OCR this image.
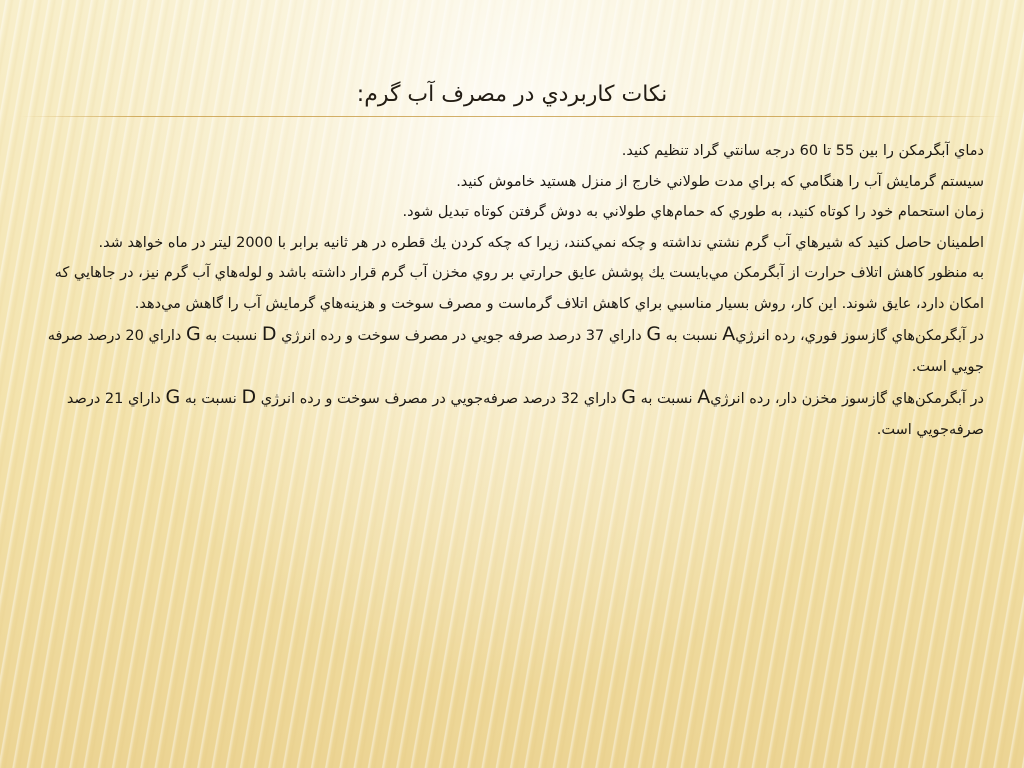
نكات كاربردي در مصرف آب گرم:

دماي آبگرمكن را بين 55 تا 60 درجه سانتي گراد تنظيم كنيد.

سيستم گرمايش آب را هنگامي كه براي مدت طولاني خارج از منزل هستيد خاموش كنيد.

زمان استحمام خود را كوتاه كنيد، به طوري كه حمام‌هاي طولاني به دوش گرفتن كوتاه تبديل شود.

اطمينان حاصل كنيد كه شيرهاي آب گرم نشتي نداشته و چكه نمي‌كنند، زيرا كه چكه كردن يك قطره در هر ثانيه برابر با 2000 ليتر در ماه خواهد شد.

به منظور كاهش اتلاف حرارت از آبگرمكن مي‌بايست يك پوشش عايق حرارتي بر روي مخزن آب گرم قرار داشته باشد و لوله‌هاي آب گرم نيز، در جاهايي كه امكان دارد، عايق شوند. اين كار، روش بسيار مناسبي براي كاهش اتلاف گرماست و مصرف سوخت و هزينه‌هاي گرمايش آب را گاهش مي‌دهد.

در آبگرمكن‌هاي گازسوز فوري، رده انرژيA نسبت به G داراي 37 درصد صرفه جويي در مصرف سوخت و رده انرژي D نسبت به G داراي 20 درصد صرفه جويي است.

در آبگرمكن‌هاي گازسوز مخزن دار، رده انرژيA نسبت به G داراي 32 درصد صرفه‌جويي در مصرف سوخت و رده انرژي D نسبت به G داراي 21 درصد صرفه‌جويي است.
